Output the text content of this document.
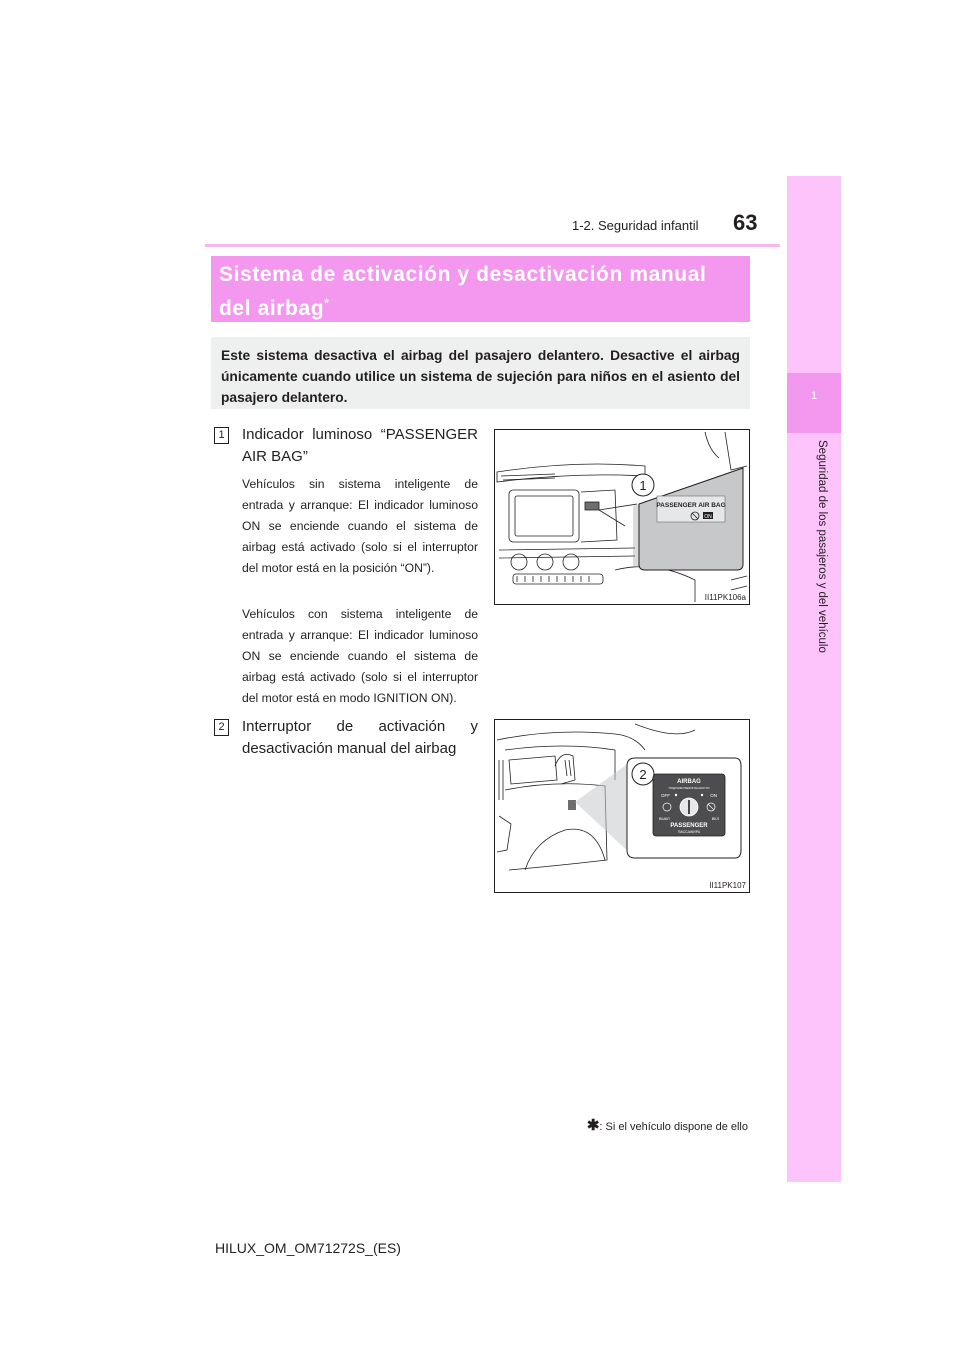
63
1-2. Seguridad infantil
1
Seguridad de los pasajeros y del vehículo
Sistema de activación y desactivación manual del airbag*
Este sistema desactiva el airbag del pasajero delantero. Desactive el airbag únicamente cuando utilice un sistema de sujeción para niños en el asiento del pasajero delantero.
1 Indicador luminoso “PASSENGER AIR BAG”
Vehículos sin sistema inteligente de entrada y arranque: El indicador luminoso ON se enciende cuando el sistema de airbag está activado (solo si el interruptor del motor está en la posición “ON”).
Vehículos con sistema inteligente de entrada y arranque: El indicador luminoso ON se enciende cuando el sistema de airbag está activado (solo si el interruptor del motor está en modo IGNITION ON).
2 Interruptor de activación y desactivación manual del airbag
1
PASSENGER AIR BAG
ON
II11PK106a
2	AIRBAG
ПОДУШКИ БЕЗОПАСНОСТИ
OFF	ON
ВЫКЛ	ВКЛ
PASSENGER
ПАССАЖИРА
II11PK107
✱: Si el vehículo dispone de ello
HILUX_OM_OM71272S_(ES)
